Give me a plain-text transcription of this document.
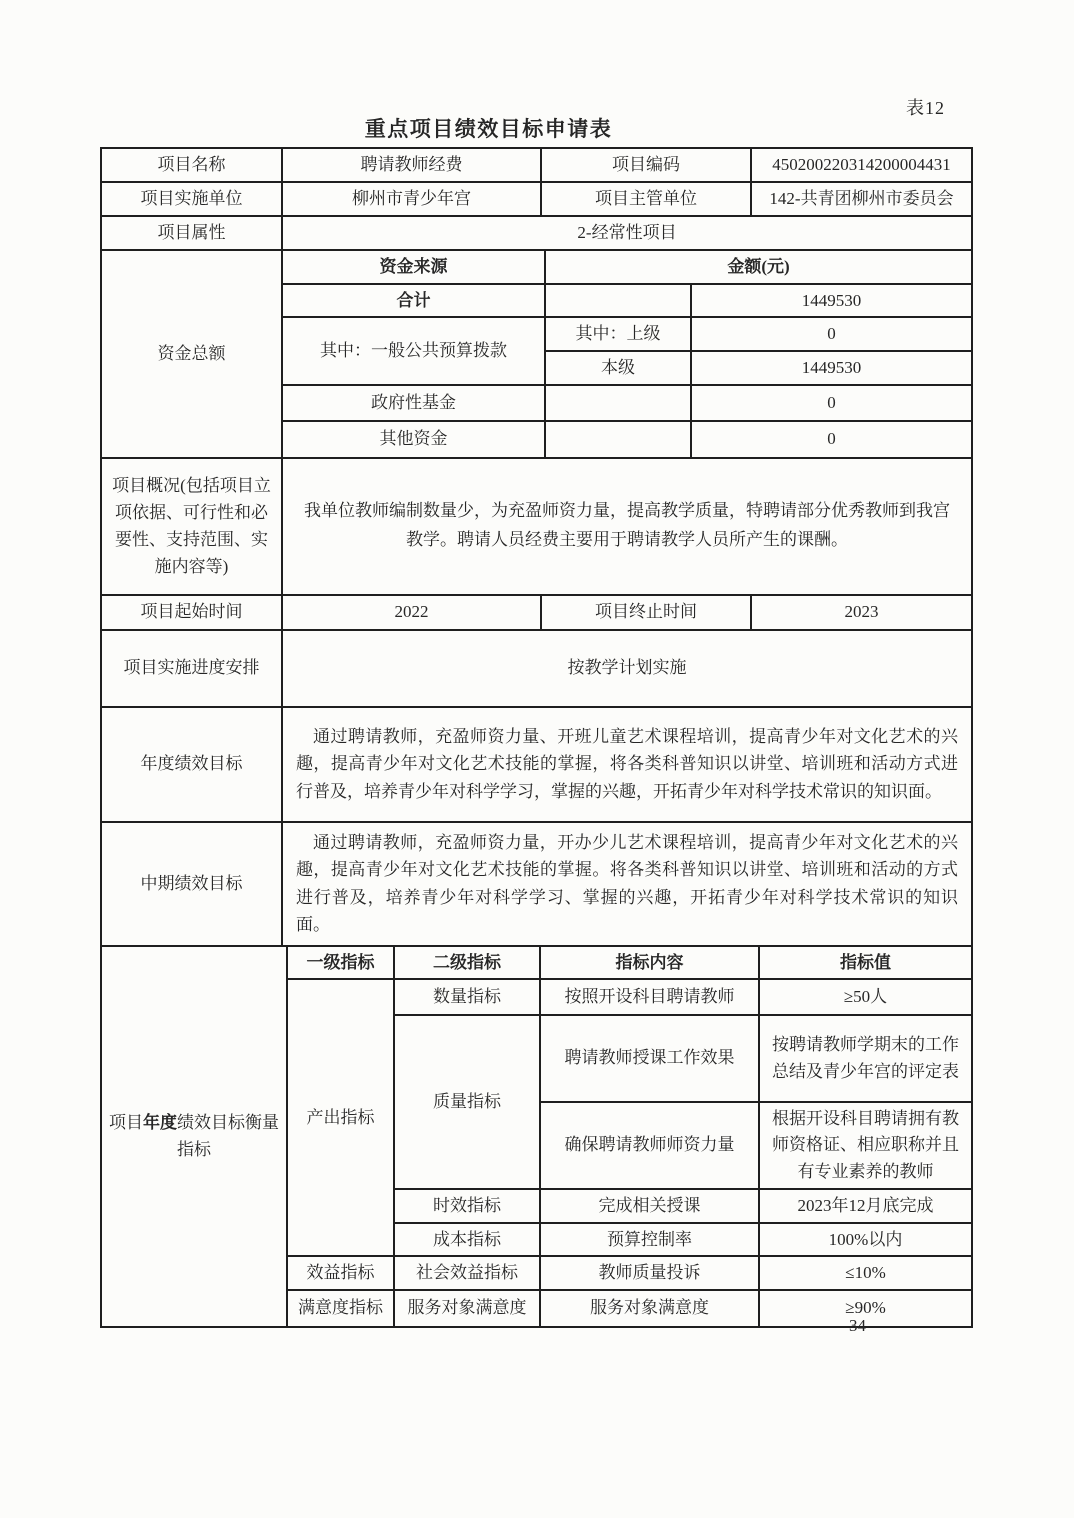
表12
重点项目绩效目标申请表
项目名称	聘请教师经费	项目编码	450200220314200004431
项目实施单位	柳州市青少年宫	项目主管单位	142-共青团柳州市委员会
项目属性	2-经常性项目		
资金总额	资金来源	金额(元)	
	合计		1449530
	其中：一般公共预算拨款	其中：上级	0
		本级	1449530
	政府性基金		0
	其他资金		0
项目概况(包括项目立项依据、可行性和必要性、支持范围、实施内容等)	我单位教师编制数量少，为充盈师资力量，提高教学质量，特聘请部分优秀教师到我宫教学。聘请人员经费主要用于聘请教学人员所产生的课酬。		
项目起始时间	2022	项目终止时间	2023
项目实施进度安排	按教学计划实施		
年度绩效目标	通过聘请教师，充盈师资力量、开班儿童艺术课程培训，提高青少年对文化艺术的兴趣，提高青少年对文化艺术技能的掌握，将各类科普知识以讲堂、培训班和活动方式进行普及，培养青少年对科学学习，掌握的兴趣，开拓青少年对科学技术常识的知识面。		
中期绩效目标	通过聘请教师，充盈师资力量，开办少儿艺术课程培训，提高青少年对文化艺术的兴趣，提高青少年对文化艺术技能的掌握。将各类科普知识以讲堂、培训班和活动的方式进行普及，培养青少年对科学学习、掌握的兴趣，开拓青少年对科学技术常识的知识面。		
项目年度绩效目标衡量指标	一级指标	二级指标	指标内容	指标值
	产出指标	数量指标	按照开设科目聘请教师	≥50人
		质量指标	聘请教师授课工作效果	按聘请教师学期末的工作总结及青少年宫的评定表
			确保聘请教师师资力量	根据开设科目聘请拥有教师资格证、相应职称并且有专业素养的教师
		时效指标	完成相关授课	2023年12月底完成
		成本指标	预算控制率	100%以内
	效益指标	社会效益指标	教师质量投诉	≤10%
	满意度指标	服务对象满意度	服务对象满意度	≥90%
34
